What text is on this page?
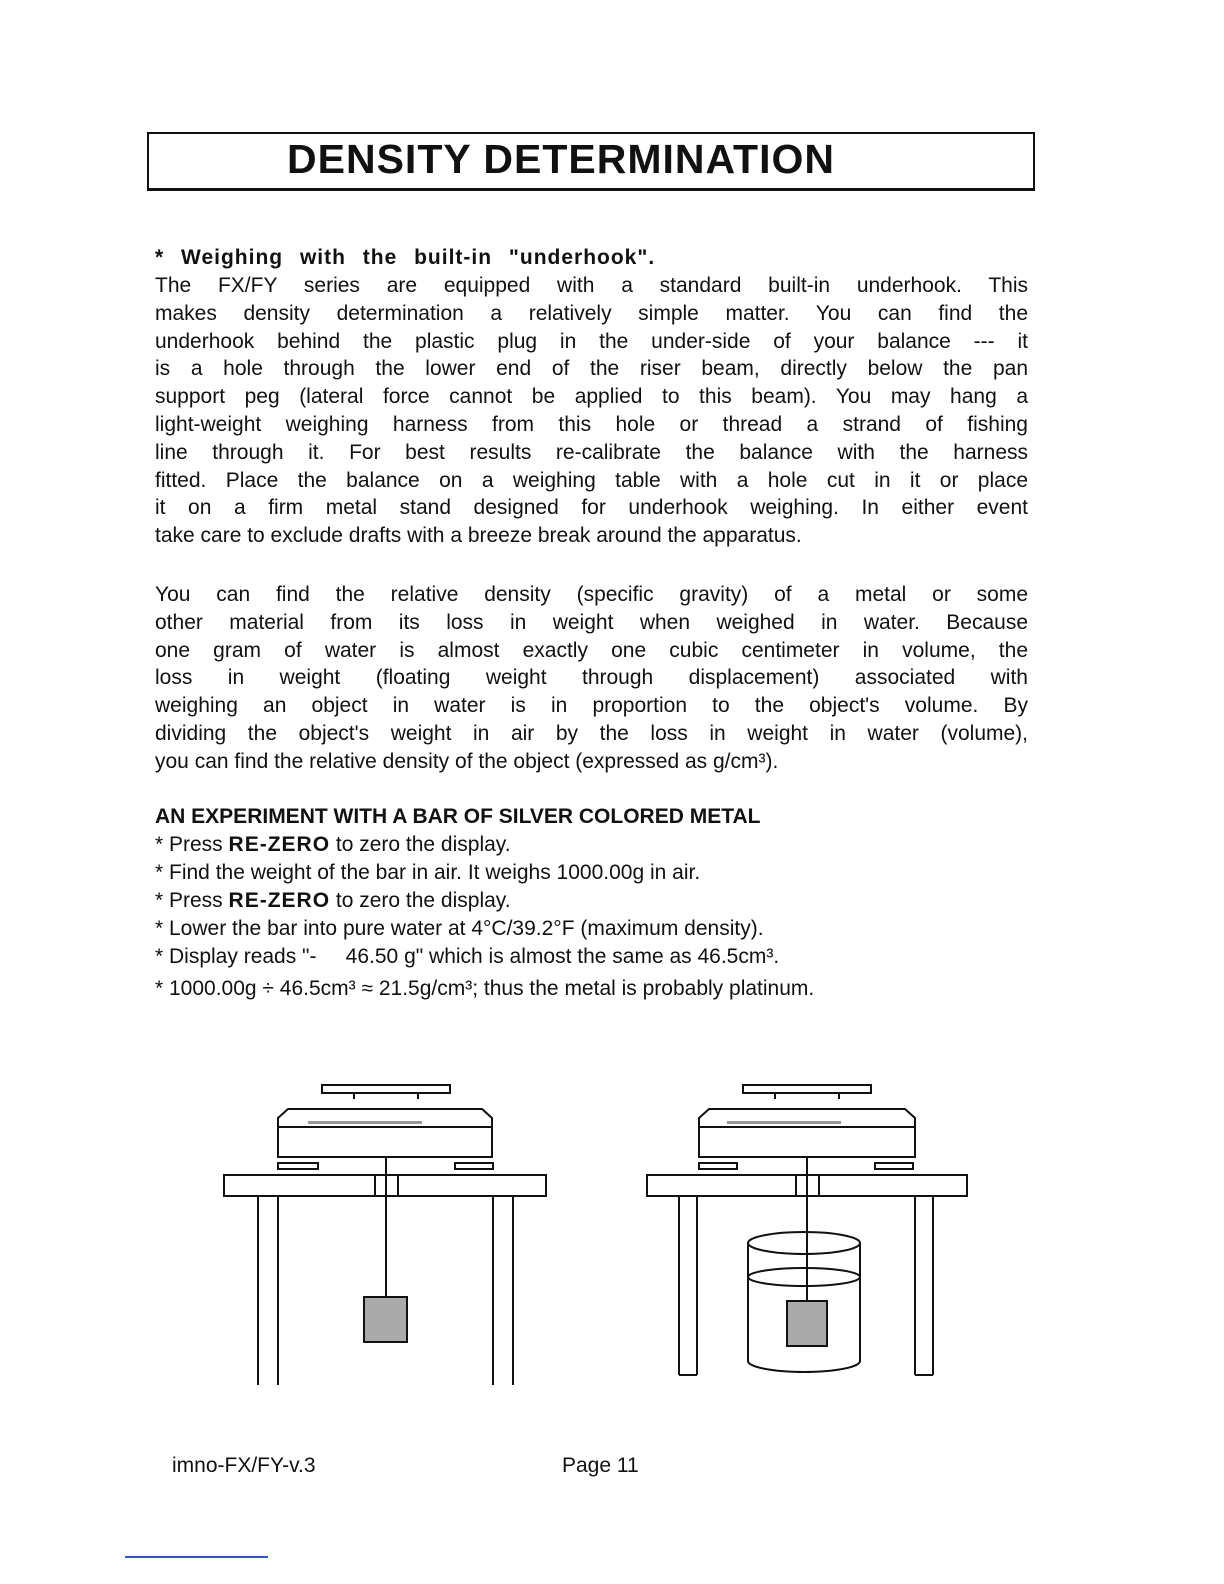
DENSITY DETERMINATION
* Weighing with the built-in "underhook".
The FX/FY series are equipped with a standard built-in underhook. This
makes density determination a relatively simple matter. You can find the
underhook behind the plastic plug in the under-side of your balance --- it
is a hole through the lower end of the riser beam, directly below the pan
support peg (lateral force cannot be applied to this beam). You may hang a
light-weight weighing harness from this hole or thread a strand of fishing
line through it. For best results re-calibrate the balance with the harness
fitted. Place the balance on a weighing table with a hole cut in it or place
it on a firm metal stand designed for underhook weighing. In either event
take care to exclude drafts with a breeze break around the apparatus.
You can find the relative density (specific gravity) of a metal or some
other material from its loss in weight when weighed in water. Because
one gram of water is almost exactly one cubic centimeter in volume, the
loss in weight (floating weight through displacement) associated with
weighing an object in water is in proportion to the object's volume. By
dividing the object's weight in air by the loss in weight in water (volume),
you can find the relative density of the object (expressed as g/cm³).
AN EXPERIMENT WITH A BAR OF SILVER COLORED METAL
* Press RE-ZERO to zero the display.
* Find the weight of the bar in air. It weighs 1000.00g in air.
* Press RE-ZERO to zero the display.
* Lower the bar into pure water at 4°C/39.2°F (maximum density).
* Display reads "-     46.50 g" which is almost the same as 46.5cm³.
* 1000.00g ÷ 46.5cm³ ≈ 21.5g/cm³; thus the metal is probably platinum.
imno-FX/FY-v.3	Page 11
